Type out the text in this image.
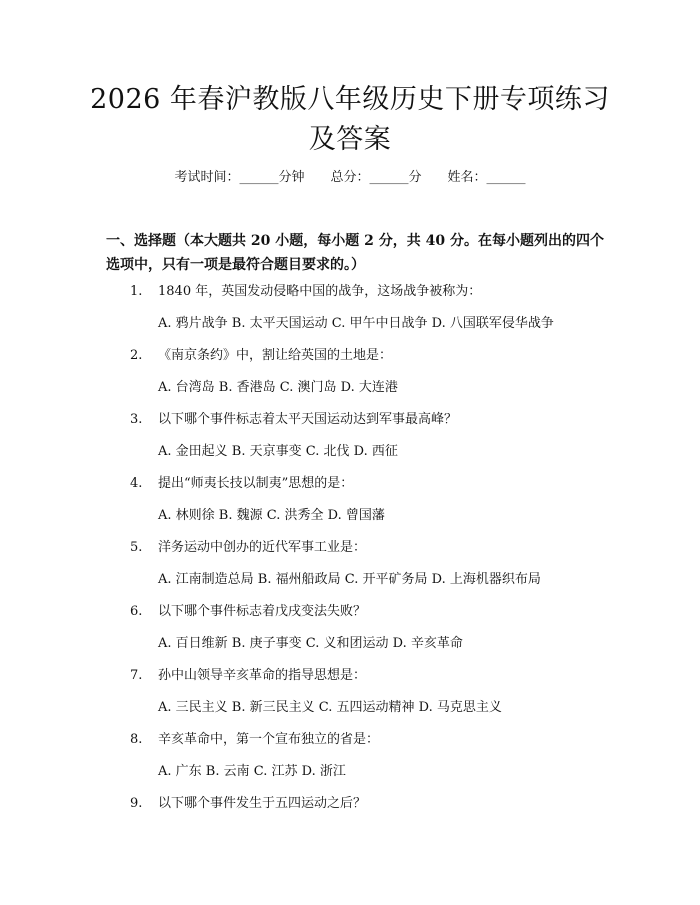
2026 年春沪教版八年级历史下册专项练习及答案
考试时间：______分钟 总分：______分 姓名：______
一、选择题（本大题共 20 小题，每小题 2 分，共 40 分。在每小题列出的四个选项中，只有一项是最符合题目要求的。）
1. 1840 年，英国发动侵略中国的战争，这场战争被称为：
A. 鸦片战争 B. 太平天国运动 C. 甲午中日战争 D. 八国联军侵华战争
2. 《南京条约》中，割让给英国的土地是：
A. 台湾岛 B. 香港岛 C. 澳门岛 D. 大连港
3. 以下哪个事件标志着太平天国运动达到军事最高峰？
A. 金田起义 B. 天京事变 C. 北伐 D. 西征
4. 提出“师夷长技以制夷”思想的是：
A. 林则徐 B. 魏源 C. 洪秀全 D. 曾国藩
5. 洋务运动中创办的近代军事工业是：
A. 江南制造总局 B. 福州船政局 C. 开平矿务局 D. 上海机器织布局
6. 以下哪个事件标志着戊戌变法失败？
A. 百日维新 B. 庚子事变 C. 义和团运动 D. 辛亥革命
7. 孙中山领导辛亥革命的指导思想是：
A. 三民主义 B. 新三民主义 C. 五四运动精神 D. 马克思主义
8. 辛亥革命中，第一个宣布独立的省是：
A. 广东 B. 云南 C. 江苏 D. 浙江
9. 以下哪个事件发生于五四运动之后？
